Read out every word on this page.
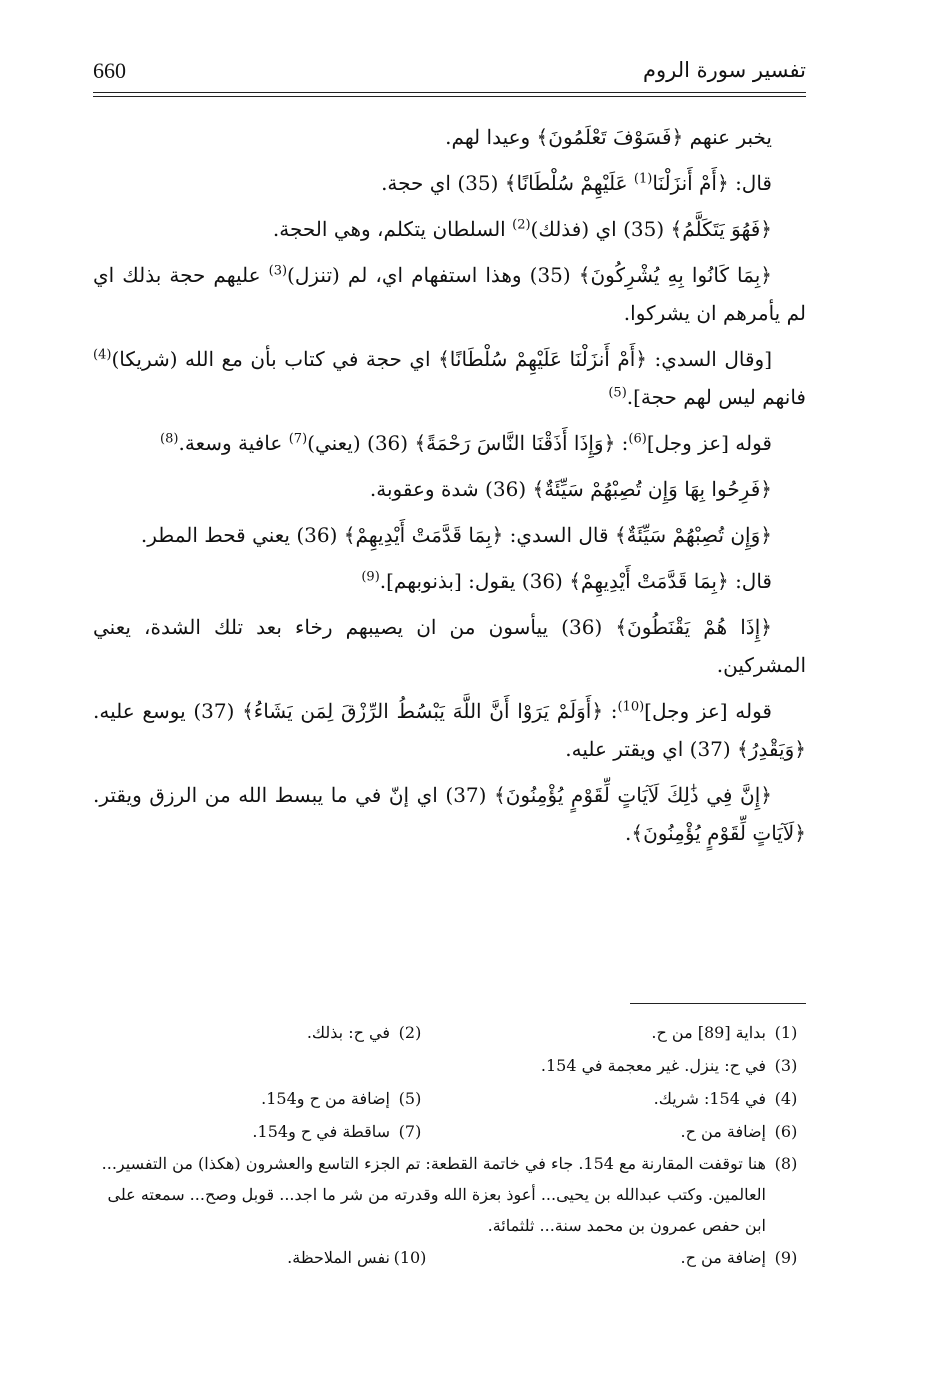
660	تفسير سورة الروم

يخبر عنهم ﴿فَسَوْفَ تَعْلَمُونَ﴾ وعيدا لهم.

قال: ﴿أَمْ أَنزَلْنَا$^{(1)}$ عَلَيْهِمْ سُلْطَانًا﴾ (35) اي حجة.

﴿فَهُوَ يَتَكَلَّمُ﴾ (35) اي (فذلك)$^{(2)}$ السلطان يتكلم، وهي الحجة.

﴿بِمَا كَانُوا بِهِ يُشْرِكُونَ﴾ (35) وهذا استفهام اي، لم (تنزل)$^{(3)}$ عليهم حجة بذلك اي لم يأمرهم ان يشركوا.

[وقال السدي: ﴿أَمْ أَنزَلْنَا عَلَيْهِمْ سُلْطَانًا﴾ اي حجة في كتاب بأن مع الله (شريكا)$^{(4)}$ فانهم ليس لهم حجة].$^{(5)}$

قوله [عز وجل]$^{(6)}$: ﴿وَإِذَا أَذَقْنَا النَّاسَ رَحْمَةً﴾ (36) (يعني)$^{(7)}$ عافية وسعة.$^{(8)}$

﴿فَرِحُوا بِهَا وَإِن تُصِبْهُمْ سَيِّئَةٌ﴾ (36) شدة وعقوبة.

﴿وَإِن تُصِبْهُمْ سَيِّئَةٌ﴾ قال السدي: ﴿بِمَا قَدَّمَتْ أَيْدِيهِمْ﴾ (36) يعني قحط المطر.

قال: ﴿بِمَا قَدَّمَتْ أَيْدِيهِمْ﴾ (36) يقول: [بذنوبهم].$^{(9)}$

﴿إِذَا هُمْ يَقْنَطُونَ﴾ (36) ييأسون من ان يصيبهم رخاء بعد تلك الشدة، يعني المشركين.

قوله [عز وجل]$^{(10)}$: ﴿أَوَلَمْ يَرَوْا أَنَّ اللَّهَ يَبْسُطُ الرِّزْقَ لِمَن يَشَاءُ﴾ (37) يوسع عليه. ﴿وَيَقْدِرُ﴾ (37) اي ويقتر عليه.

﴿إِنَّ فِي ذَٰلِكَ لَآيَاتٍ لِّقَوْمٍ يُؤْمِنُونَ﴾ (37) اي إنّ في ما يبسط الله من الرزق ويقتر. ﴿لَآيَاتٍ لِّقَوْمٍ يُؤْمِنُونَ﴾.

(1)بداية [89] من ح.
(2)في ح: بذلك.
(3)في ح: ينزل. غير معجمة في 154.
(4)في 154: شريك.
(5)إضافة من ح و154.
(6)إضافة من ح.
(7)ساقطة في ح و154.
(8)
هنا توقفت المقارنة مع 154. جاء في خاتمة القطعة: تم الجزء التاسع والعشرون (هكذا) من التفسير... العالمين. وكتب عبدالله بن يحيى... أعوذ بعزة الله وقدرته من شر ما اجد... قوبل وصح... سمعته على ابن حفص عمرون بن محمد سنة... ثلثمائة.
(9)إضافة من ح.
(10)نفس الملاحظة.
